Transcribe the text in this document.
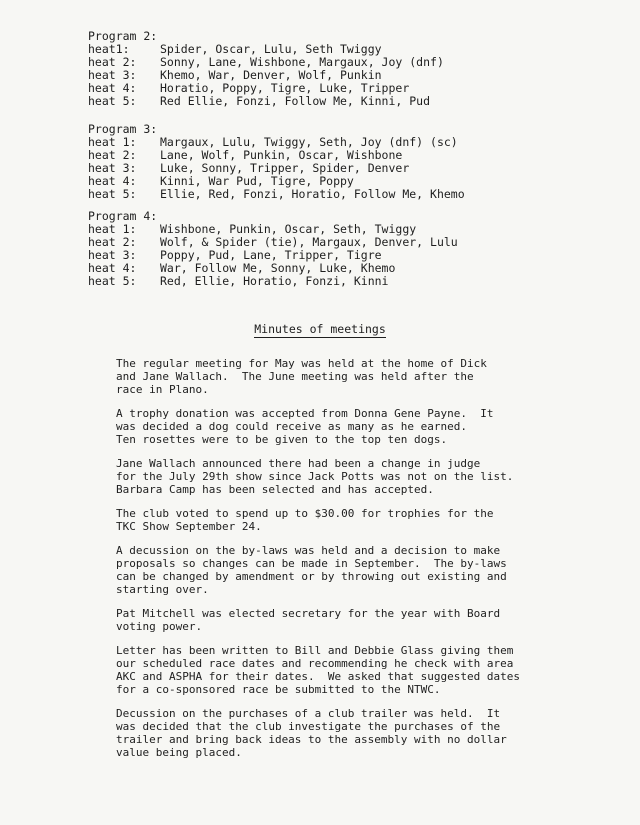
Program 2:
heat1:	Spider, Oscar, Lulu, Seth Twiggy
heat 2: Sonny, Lane, Wishbone, Margaux, Joy (dnf)
heat 3: Khemo, War, Denver, Wolf, Punkin
heat 4: Horatio, Poppy, Tigre, Luke, Tripper
heat 5: Red Ellie, Fonzi, Follow Me, Kinni, Pud
Program 3:
heat 1: Margaux, Lulu, Twiggy, Seth, Joy (dnf) (sc)
heat 2: Lane, Wolf, Punkin, Oscar, Wishbone
heat 3: Luke, Sonny, Tripper, Spider, Denver
heat 4: Kinni, War Pud, Tigre, Poppy
heat 5: Ellie, Red, Fonzi, Horatio, Follow Me, Khemo
Program 4:
heat 1: Wishbone, Punkin, Oscar, Seth, Twiggy
heat 2: Wolf, & Spider (tie), Margaux, Denver, Lulu
heat 3: Poppy, Pud, Lane, Tripper, Tigre
heat 4: War, Follow Me, Sonny, Luke, Khemo
heat 5: Red, Ellie, Horatio, Fonzi, Kinni
Minutes of meetings

The regular meeting for May was held at the home of Dick
and Jane Wallach.  The June meeting was held after the
race in Plano.

A trophy donation was accepted from Donna Gene Payne.  It
was decided a dog could receive as many as he earned.
Ten rosettes were to be given to the top ten dogs.

Jane Wallach announced there had been a change in judge
for the July 29th show since Jack Potts was not on the list.
Barbara Camp has been selected and has accepted.

The club voted to spend up to $30.00 for trophies for the
TKC Show September 24.

A decussion on the by-laws was held and a decision to make
proposals so changes can be made in September.  The by-laws
can be changed by amendment or by throwing out existing and
starting over.

Pat Mitchell was elected secretary for the year with Board
voting power.

Letter has been written to Bill and Debbie Glass giving them
our scheduled race dates and recommending he check with area
AKC and ASPHA for their dates.  We asked that suggested dates
for a co-sponsored race be submitted to the NTWC.

Decussion on the purchases of a club trailer was held.  It
was decided that the club investigate the purchases of the
trailer and bring back ideas to the assembly with no dollar
value being placed.
